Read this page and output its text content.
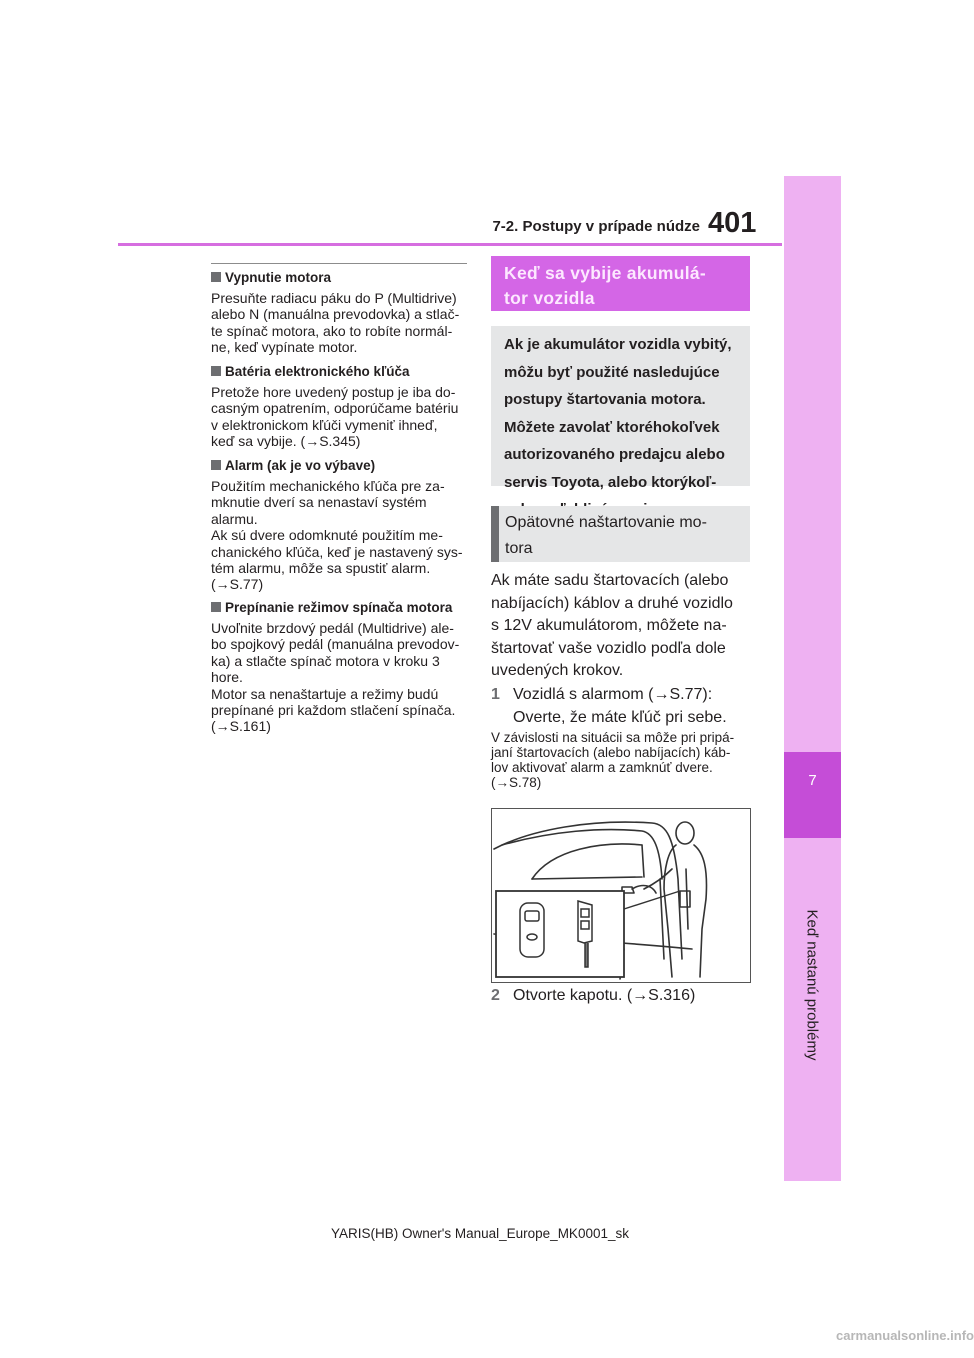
7-2. Postupy v prípade núdze 401
7
Keď nastanú problémy
Vypnutie motora

Presuňte radiacu páku do P (Multidrive)
alebo N (manuálna prevodovka) a stlač-
te spínač motora, ako to robíte normál-
ne, keď vypínate motor.

Batéria elektronického kľúča

Pretože hore uvedený postup je iba do-
casným opatrením, odporúčame batériu
v elektronickom kľúči vymeniť ihneď,
keď sa vybije. (→S.345)

Alarm (ak je vo výbave)

Použitím mechanického kľúča pre za-
mknutie dverí sa nenastaví systém
alarmu.
Ak sú dvere odomknuté použitím me-
chanického kľúča, keď je nastavený sys-
tém alarmu, môže sa spustiť alarm.
(→S.77)

Prepínanie režimov spínača motora

Uvoľnite brzdový pedál (Multidrive) ale-
bo spojkový pedál (manuálna prevodov-
ka) a stlačte spínač motora v kroku 3
hore.
Motor sa nenaštartuje a režimy budú
prepínané pri každom stlačení spínača.
(→S.161)

Keď sa vybije akumulá-
tor vozidla
Ak je akumulátor vozidla vybitý,
môžu byť použité nasledujúce
postupy štartovania motora.
Môžete zavolať ktoréhokoľvek
autorizovaného predajcu alebo
servis Toyota, alebo ktorýkoľ-

Opätovné naštartovanie mo-
tora
Ak máte sadu štartovacích (alebo
nabíjacích) káblov a druhé vozidlo
s 12V akumulátorom, môžete na-
štartovať vaše vozidlo podľa dole
uvedených krokov.
1 Vozidlá s alarmom (→S.77):
Overte, že máte kľúč pri sebe.
V závislosti na situácii sa môže pri pripá-
janí štartovacích (alebo nabíjacích) káb-
lov aktivovať alarm a zamknúť dvere.
(→S.78)
2 Otvorte kapotu. (→S.316)
YARIS(HB) Owner's Manual_Europe_MK0001_sk
carmanualsonline.info
